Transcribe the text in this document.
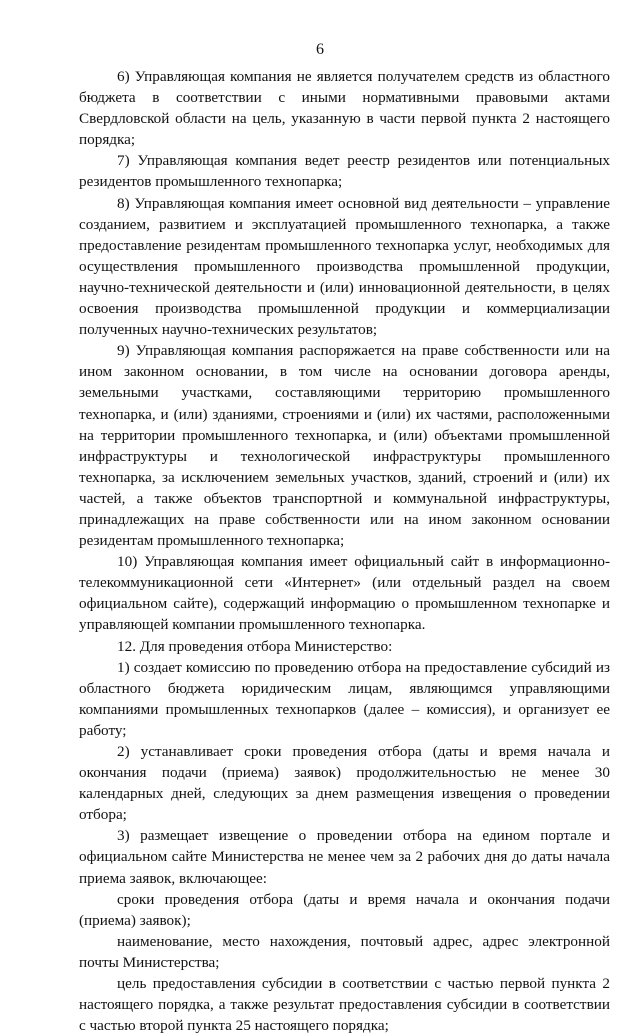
6

6) Управляющая компания не является получателем средств из областного бюджета в соответствии с иными нормативными правовыми актами Свердловской области на цель, указанную в части первой пункта 2 настоящего порядка;

7) Управляющая компания ведет реестр резидентов или потенциальных резидентов промышленного технопарка;

8) Управляющая компания имеет основной вид деятельности – управление созданием, развитием и эксплуатацией промышленного технопарка, а также предоставление резидентам промышленного технопарка услуг, необходимых для осуществления промышленного производства промышленной продукции, научно-технической деятельности и (или) инновационной деятельности, в целях освоения производства промышленной продукции и коммерциализации полученных научно-технических результатов;

9) Управляющая компания распоряжается на праве собственности или на ином законном основании, в том числе на основании договора аренды, земельными участками, составляющими территорию промышленного технопарка, и (или) зданиями, строениями и (или) их частями, расположенными на территории промышленного технопарка, и (или) объектами промышленной инфраструктуры и технологической инфраструктуры промышленного технопарка, за исключением земельных участков, зданий, строений и (или) их частей, а также объектов транспортной и коммунальной инфраструктуры, принадлежащих на праве собственности или на ином законном основании резидентам промышленного технопарка;

10) Управляющая компания имеет официальный сайт в информационно-телекоммуникационной сети «Интернет» (или отдельный раздел на своем официальном сайте), содержащий информацию о промышленном технопарке и управляющей компании промышленного технопарка.

12. Для проведения отбора Министерство:

1) создает комиссию по проведению отбора на предоставление субсидий из областного бюджета юридическим лицам, являющимся управляющими компаниями промышленных технопарков (далее – комиссия), и организует ее работу;

2) устанавливает сроки проведения отбора (даты и время начала и окончания подачи (приема) заявок) продолжительностью не менее 30 календарных дней, следующих за днем размещения извещения о проведении отбора;

3) размещает извещение о проведении отбора на едином портале и официальном сайте Министерства не менее чем за 2 рабочих дня до даты начала приема заявок, включающее:

сроки проведения отбора (даты и время начала и окончания подачи (приема) заявок);

наименование, место нахождения, почтовый адрес, адрес электронной почты Министерства;

цель предоставления субсидии в соответствии с частью первой пункта 2 настоящего порядка, а также результат предоставления субсидии в соответствии с частью второй пункта 25 настоящего порядка;
